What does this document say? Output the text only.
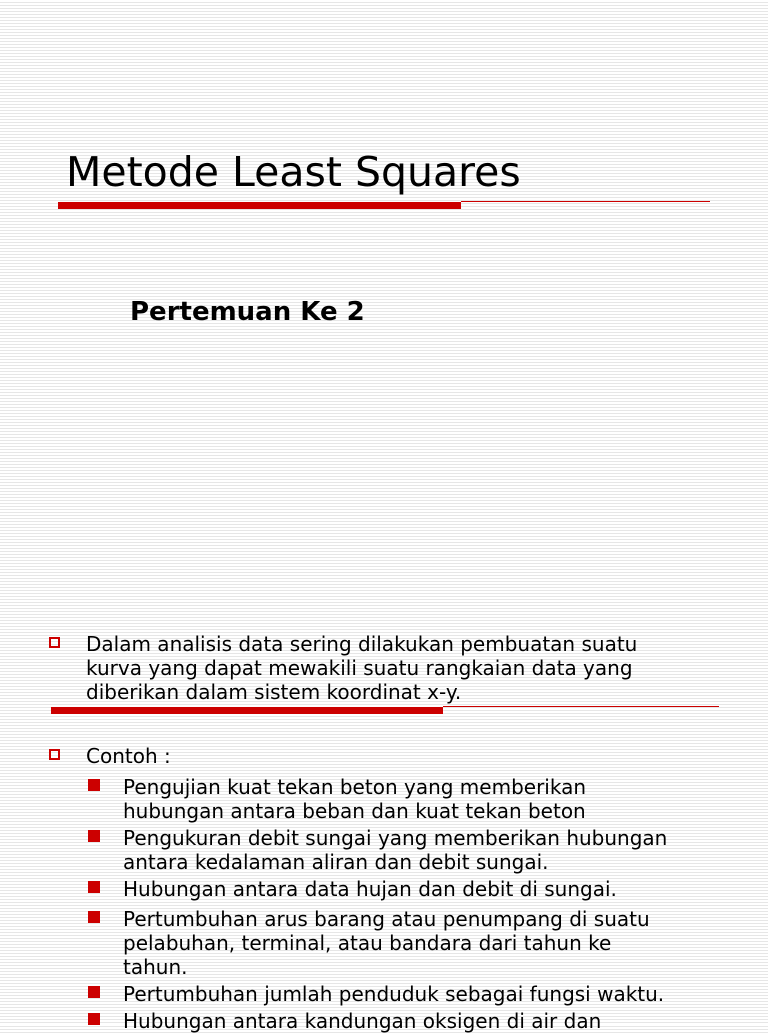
Metode Least Squares
Pertemuan Ke 2

Dalam analisis data sering dilakukan pembuatan suatu
kurva yang dapat mewakili suatu rangkaian data yang
diberikan dalam sistem koordinat x-y.

Contoh :

Pengujian kuat tekan beton yang memberikan
hubungan antara beban dan kuat tekan beton

Pengukuran debit sungai yang memberikan hubungan
antara kedalaman aliran dan debit sungai.

Hubungan antara data hujan dan debit di sungai.

Pertumbuhan arus barang atau penumpang di suatu
pelabuhan, terminal, atau bandara dari tahun ke
tahun.

Pertumbuhan jumlah penduduk sebagai fungsi waktu.

Hubungan antara kandungan oksigen di air dan
